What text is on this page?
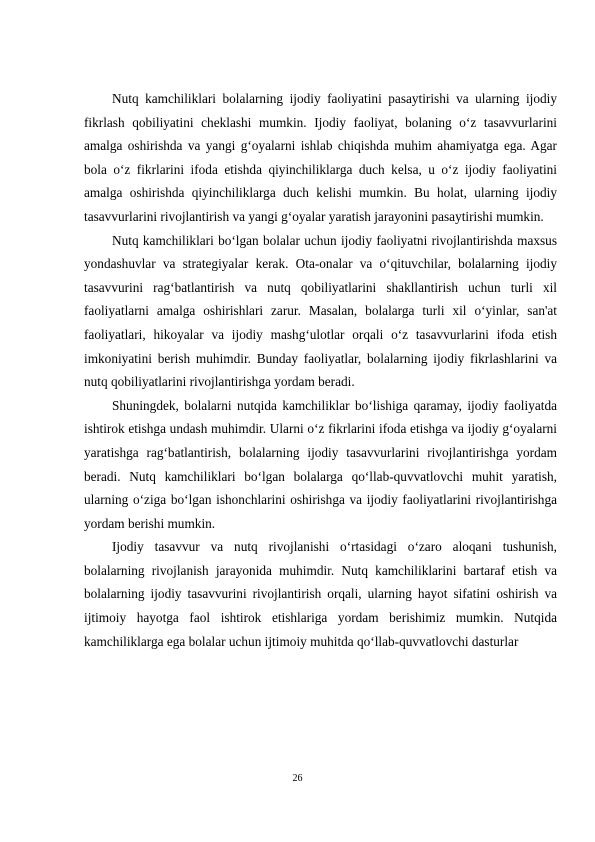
Nutq kamchiliklari bolalarning ijodiy faoliyatini pasaytirishi va ularning ijodiy fikrlash qobiliyatini cheklashi mumkin. Ijodiy faoliyat, bolaning o‘z tasavvurlarini amalga oshirishda va yangi g‘oyalarni ishlab chiqishda muhim ahamiyatga ega. Agar bola o‘z fikrlarini ifoda etishda qiyinchiliklarga duch kelsa, u o‘z ijodiy faoliyatini amalga oshirishda qiyinchiliklarga duch kelishi mumkin. Bu holat, ularning ijodiy tasavvurlarini rivojlantirish va yangi g‘oyalar yaratish jarayonini pasaytirishi mumkin.

Nutq kamchiliklari bo‘lgan bolalar uchun ijodiy faoliyatni rivojlantirishda maxsus yondashuvlar va strategiyalar kerak. Ota-onalar va o‘qituvchilar, bolalarning ijodiy tasavvurini rag‘batlantirish va nutq qobiliyatlarini shakllantirish uchun turli xil faoliyatlarni amalga oshirishlari zarur. Masalan, bolalarga turli xil o‘yinlar, san'at faoliyatlari, hikoyalar va ijodiy mashg‘ulotlar orqali o‘z tasavvurlarini ifoda etish imkoniyatini berish muhimdir. Bunday faoliyatlar, bolalarning ijodiy fikrlashlarini va nutq qobiliyatlarini rivojlantirishga yordam beradi.

Shuningdek, bolalarni nutqida kamchiliklar bo‘lishiga qaramay, ijodiy faoliyatda ishtirok etishga undash muhimdir. Ularni o‘z fikrlarini ifoda etishga va ijodiy g‘oyalarni yaratishga rag‘batlantirish, bolalarning ijodiy tasavvurlarini rivojlantirishga yordam beradi. Nutq kamchiliklari bo‘lgan bolalarga qo‘llab-quvvatlovchi muhit yaratish, ularning o‘ziga bo‘lgan ishonchlarini oshirishga va ijodiy faoliyatlarini rivojlantirishga yordam berishi mumkin.

Ijodiy tasavvur va nutq rivojlanishi o‘rtasidagi o‘zaro aloqani tushunish, bolalarning rivojlanish jarayonida muhimdir. Nutq kamchiliklarini bartaraf etish va bolalarning ijodiy tasavvurini rivojlantirish orqali, ularning hayot sifatini oshirish va ijtimoiy hayotga faol ishtirok etishlariga yordam berishimiz mumkin. Nutqida kamchiliklarga ega bolalar uchun ijtimoiy muhitda qo‘llab-quvvatlovchi dasturlar

26
